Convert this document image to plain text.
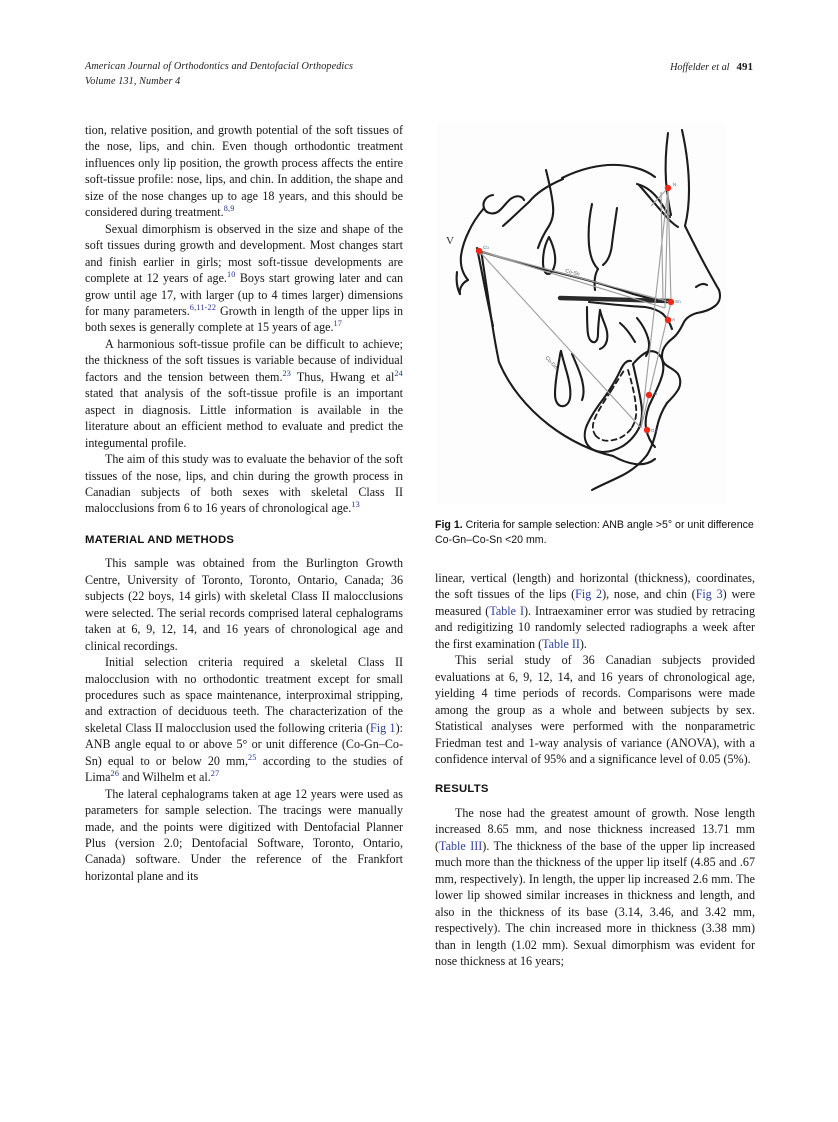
American Journal of Orthodontics and Dentofacial Orthopedics
Volume 131, Number 4
Hoffelder et al 491

tion, relative position, and growth potential of the soft tissues of the nose, lips, and chin. Even though orthodontic treatment influences only lip position, the growth process affects the entire soft-tissue profile: nose, lips, and chin. In addition, the shape and size of the nose changes up to age 18 years, and this should be considered during treatment.$^{8,9}$

Sexual dimorphism is observed in the size and shape of the soft tissues during growth and development. Most changes start and finish earlier in girls; most soft-tissue developments are complete at 12 years of age.$^{10}$ Boys start growing later and can grow until age 17, with larger (up to 4 times larger) dimensions for many parameters.$^{6,11-22}$ Growth in length of the upper lips in both sexes is generally complete at 15 years of age.$^{17}$

A harmonious soft-tissue profile can be difficult to achieve; the thickness of the soft tissues is variable because of individual factors and the tension between them.$^{23}$ Thus, Hwang et al$^{24}$ stated that analysis of the soft-tissue profile is an important aspect in diagnosis. Little information is available in the literature about an efficient method to evaluate and predict the integumental profile.

The aim of this study was to evaluate the behavior of the soft tissues of the nose, lips, and chin during the growth process in Canadian subjects of both sexes with skeletal Class II malocclusions from 6 to 16 years of chronological age.$^{13}$

MATERIAL AND METHODS

This sample was obtained from the Burlington Growth Centre, University of Toronto, Toronto, Ontario, Canada; 36 subjects (22 boys, 14 girls) with skeletal Class II malocclusions were selected. The serial records comprised lateral cephalograms taken at 6, 9, 12, 14, and 16 years of chronological age and clinical recordings.

Initial selection criteria required a skeletal Class II malocclusion with no orthodontic treatment except for small procedures such as space maintenance, interproximal stripping, and extraction of deciduous teeth. The characterization of the skeletal Class II malocclusion used the following criteria (Fig 1): ANB angle equal to or above 5° or unit difference (Co-Gn–Co-Sn) equal to or below 20 mm,$^{25}$ according to the studies of Lima$^{26}$ and Wilhelm et al.$^{27}$

The lateral cephalograms taken at age 12 years were used as parameters for sample selection. The tracings were manually made, and the points were digitized with Dentofacial Planner Plus (version 2.0; Dentofacial Software, Toronto, Ontario, Canada) software. Under the reference of the Frankfort horizontal plane and its

Co
N
Sn
A
B
Gn
Co-Sn
Co-Gn
V
Fig 1. Criteria for sample selection: ANB angle >5° or unit difference Co-Gn–Co-Sn <20 mm.

linear, vertical (length) and horizontal (thickness), coordinates, the soft tissues of the lips (Fig 2), nose, and chin (Fig 3) were measured (Table I). Intraexaminer error was studied by retracing and redigitizing 10 randomly selected radiographs a week after the first examination (Table II).

This serial study of 36 Canadian subjects provided evaluations at 6, 9, 12, 14, and 16 years of chronological age, yielding 4 time periods of records. Comparisons were made among the group as a whole and between subjects by sex. Statistical analyses were performed with the nonparametric Friedman test and 1-way analysis of variance (ANOVA), with a confidence interval of 95% and a significance level of 0.05 (5%).

RESULTS

The nose had the greatest amount of growth. Nose length increased 8.65 mm, and nose thickness increased 13.71 mm (Table III). The thickness of the base of the upper lip increased much more than the thickness of the upper lip itself (4.85 and .67 mm, respectively). In length, the upper lip increased 2.6 mm. The lower lip showed similar increases in thickness and length, and also in the thickness of its base (3.14, 3.46, and 3.42 mm, respectively). The chin increased more in thickness (3.38 mm) than in length (1.02 mm). Sexual dimorphism was evident for nose thickness at 16 years;
